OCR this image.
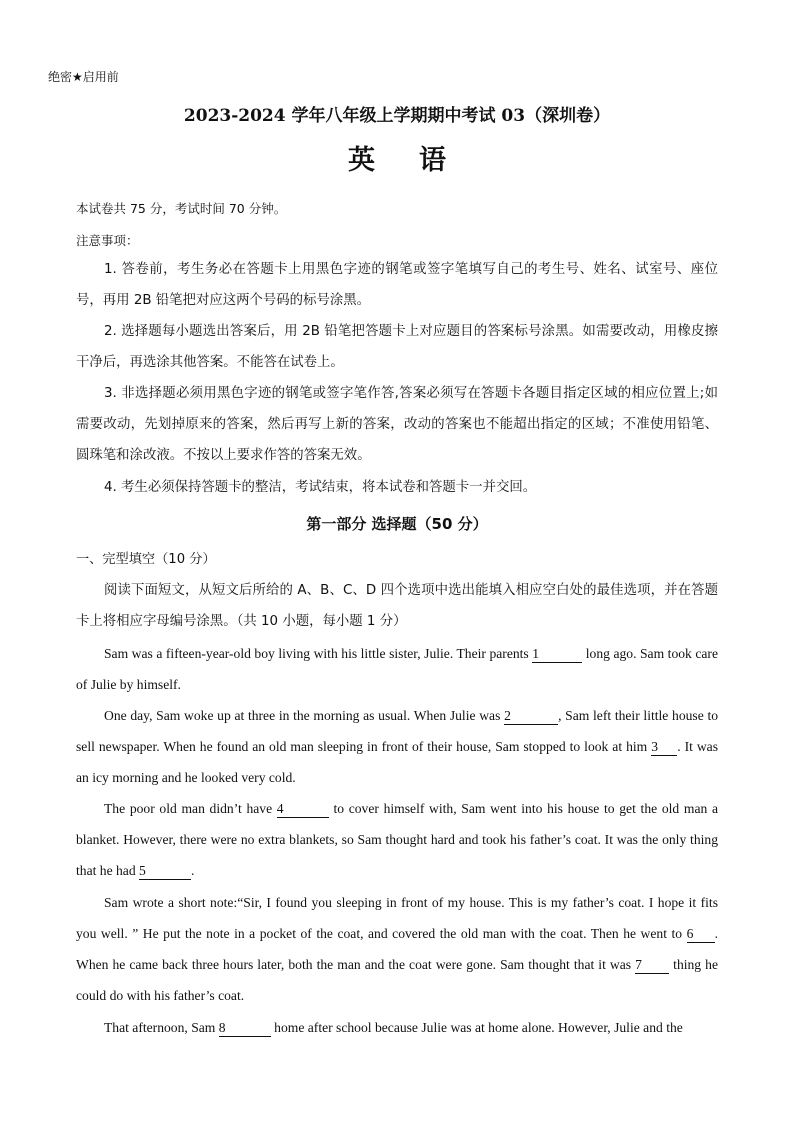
绝密★启用前
2023-2024 学年八年级上学期期中考试 03（深圳卷）
英 语
本试卷共 75 分，考试时间 70 分钟。
注意事项：
1. 答卷前，考生务必在答题卡上用黑色字迹的钢笔或签字笔填写自己的考生号、姓名、试室号、座位号，再用 2B 铅笔把对应这两个号码的标号涂黑。
2. 选择题每小题选出答案后，用 2B 铅笔把答题卡上对应题目的答案标号涂黑。如需要改动，用橡皮擦干净后，再选涂其他答案。不能答在试卷上。
3. 非选择题必须用黑色字迹的钢笔或签字笔作答,答案必须写在答题卡各题目指定区域的相应位置上;如需要改动，先划掉原来的答案，然后再写上新的答案，改动的答案也不能超出指定的区域；不准使用铅笔、圆珠笔和涂改液。不按以上要求作答的答案无效。
4. 考生必须保持答题卡的整洁，考试结束，将本试卷和答题卡一并交回。
第一部分 选择题（50 分）
一、完型填空（10 分）
阅读下面短文，从短文后所给的 A、B、C、D 四个选项中选出能填入相应空白处的最佳选项，并在答题卡上将相应字母编号涂黑。（共 10 小题，每小题 1 分）
Sam was a fifteen-year-old boy living with his little sister, Julie. Their parents 1	long ago. Sam took care of Julie by himself.
One day, Sam woke up at three in the morning as usual. When Julie was 2	, Sam left their little house to sell newspaper. When he found an old man sleeping in front of their house, Sam stopped to look at him 3 . It was an icy morning and he looked very cold.
The poor old man didn’t have 4	to cover himself with, Sam went into his house to get the old man a blanket. However, there were no extra blankets, so Sam thought hard and took his father’s coat. It was the only thing that he had 5	.
Sam wrote a short note:“Sir, I found you sleeping in front of my house. This is my father’s coat. I hope it fits you well. ” He put the note in a pocket of the coat, and covered the old man with the coat. Then he went to 6 . When he came back three hours later, both the man and the coat were gone. Sam thought that it was 7 thing he could do with his father’s coat.
That afternoon, Sam 8	home after school because Julie was at home alone. However, Julie and the
